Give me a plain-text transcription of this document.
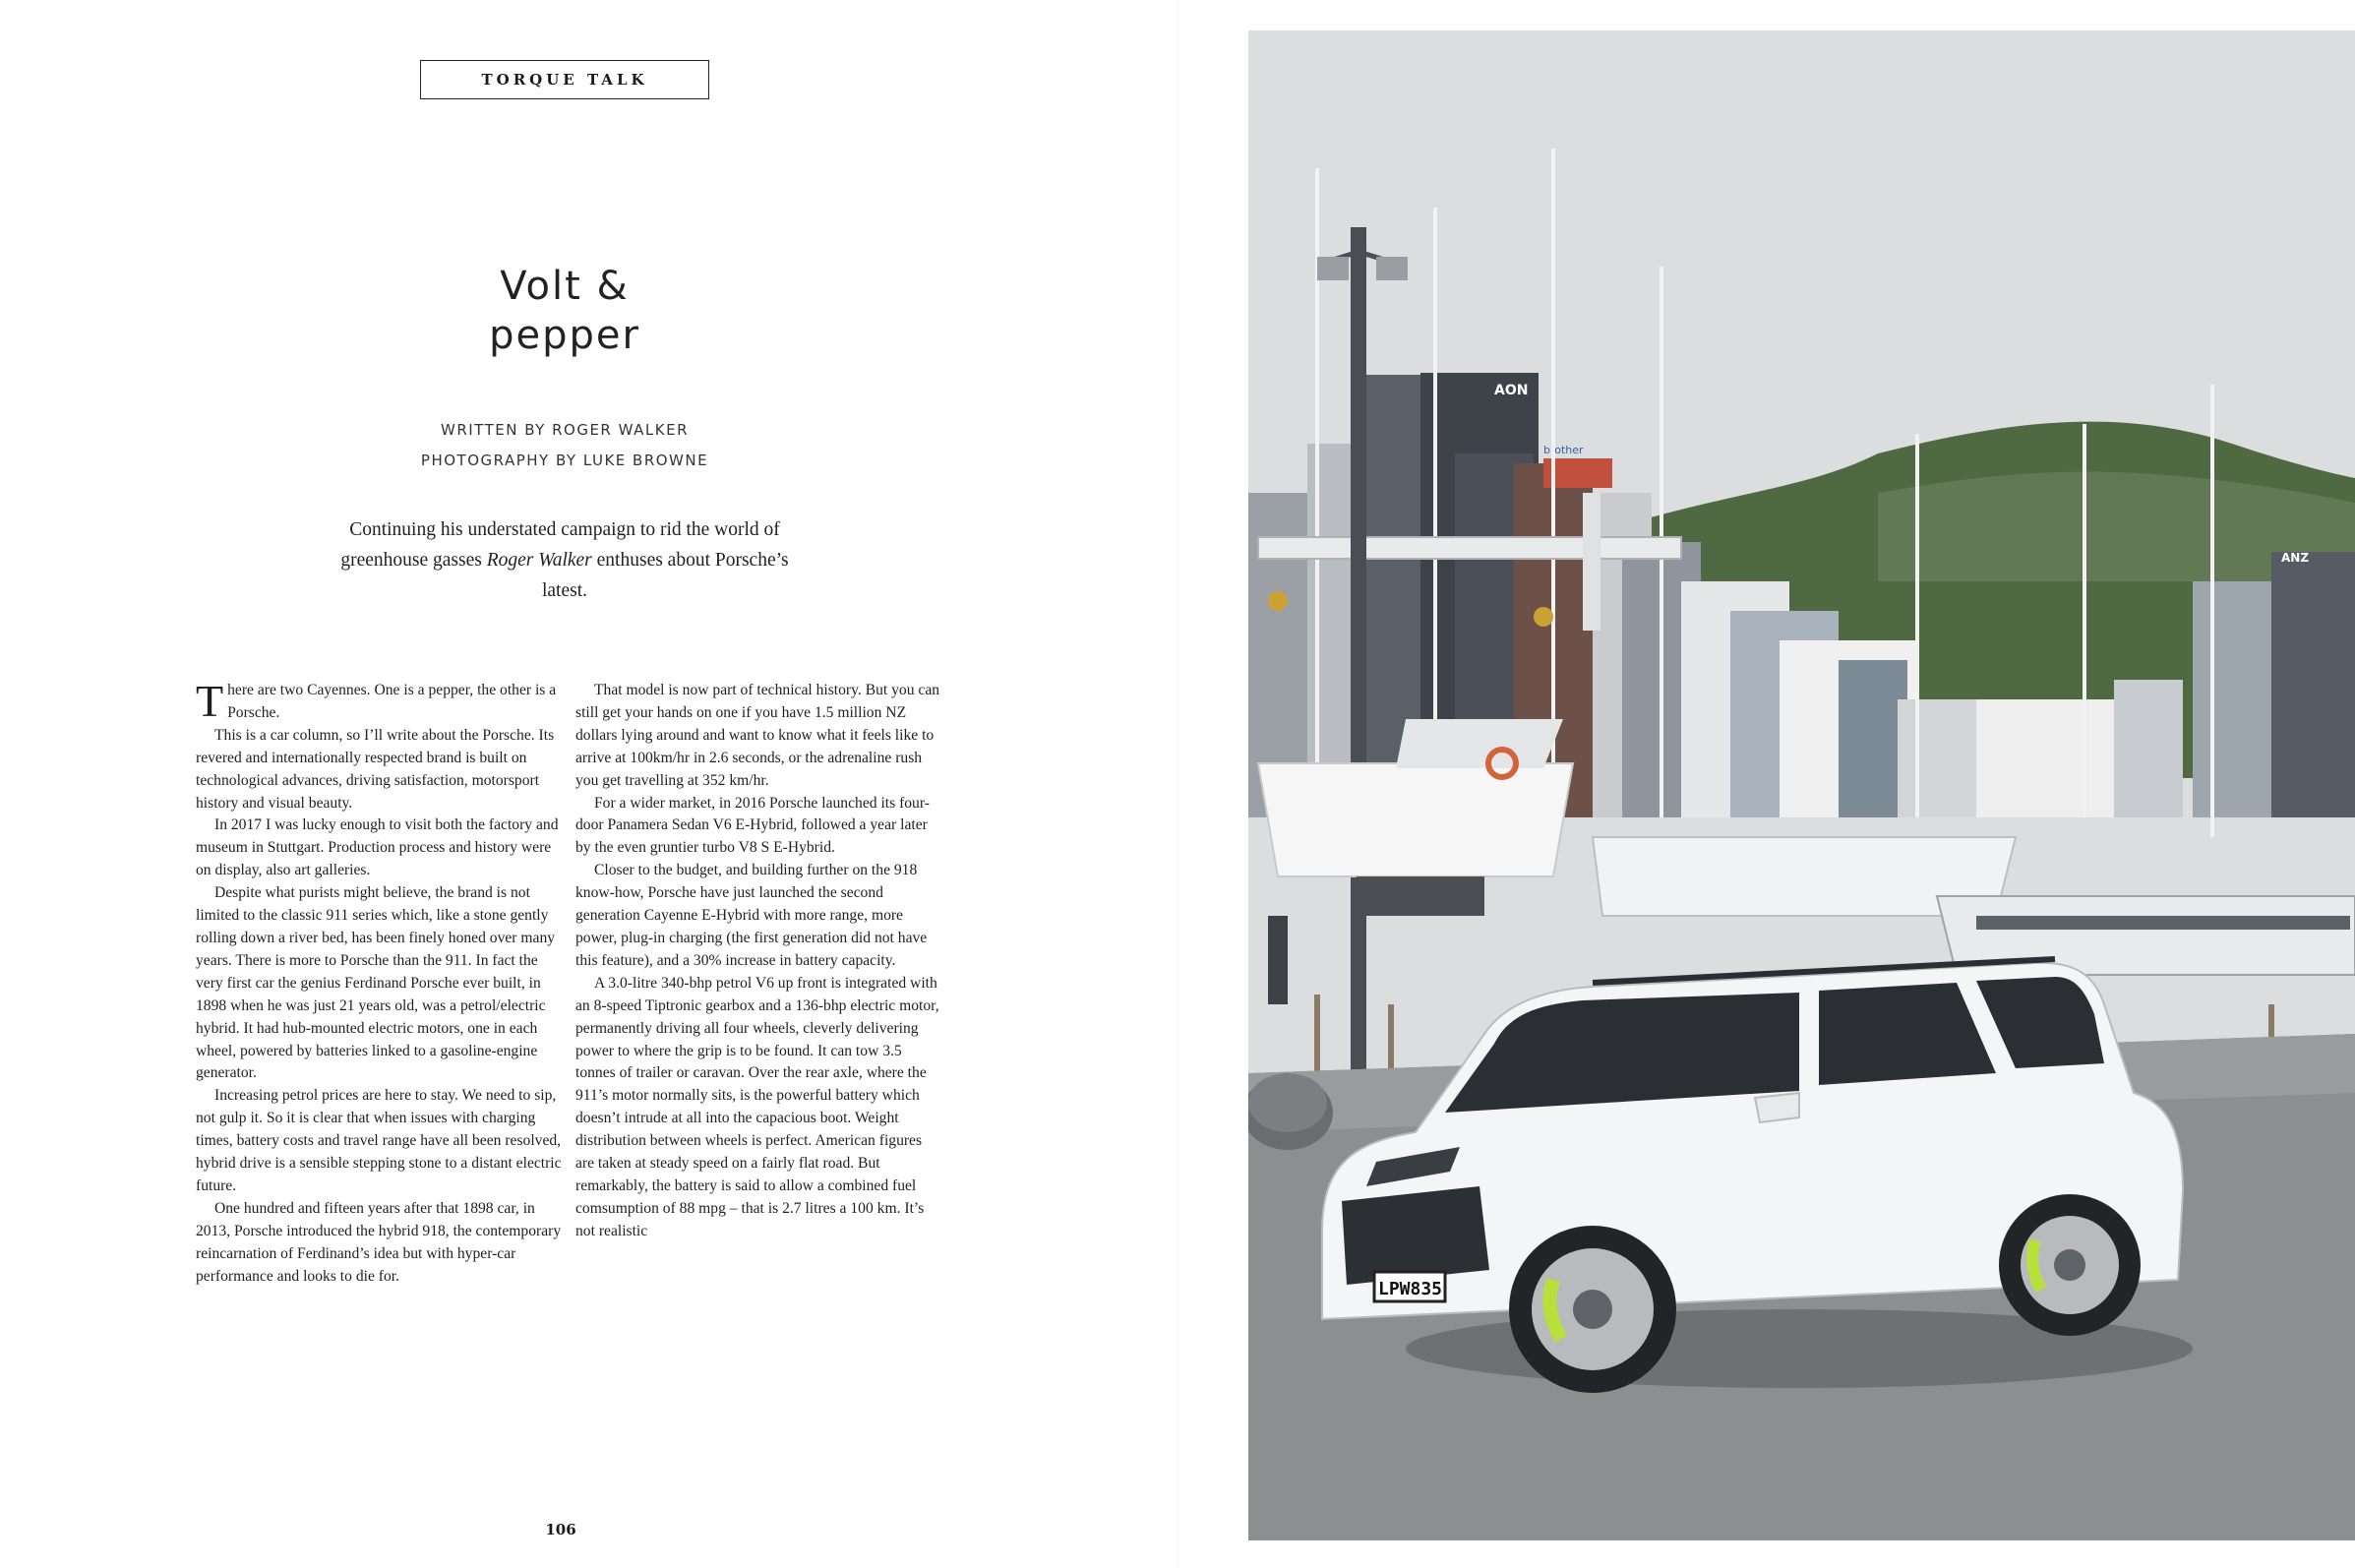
TORQUE TALK
Volt &
pepper
WRITTEN BY ROGER WALKER
PHOTOGRAPHY BY LUKE BROWNE
Continuing his understated campaign to rid the world of greenhouse gasses Roger Walker enthuses about Porsche’s latest.

There are two Cayennes. One is a pepper, the other is a Porsche.

This is a car column, so I’ll write about the Porsche. Its revered and internationally respected brand is built on technological advances, driving satisfaction, motorsport history and visual beauty.

In 2017 I was lucky enough to visit both the factory and museum in Stuttgart. Production process and history were on display, also art galleries.

Despite what purists might believe, the brand is not limited to the classic 911 series which, like a stone gently rolling down a river bed, has been finely honed over many years. There is more to Porsche than the 911. In fact the very first car the genius Ferdinand Porsche ever built, in 1898 when he was just 21 years old, was a petrol/electric hybrid. It had hub-mounted electric motors, one in each wheel, powered by batteries linked to a gasoline-engine generator.

Increasing petrol prices are here to stay. We need to sip, not gulp it. So it is clear that when issues with charging times, battery costs and travel range have all been resolved, hybrid drive is a sensible stepping stone to a distant electric future.

One hundred and fifteen years after that 1898 car, in 2013, Porsche introduced the hybrid 918, the contemporary reincarnation of Ferdinand’s idea but with hyper-car performance and looks to die for.

That model is now part of technical history. But you can still get your hands on one if you have 1.5 million NZ dollars lying around and want to know what it feels like to arrive at 100km/hr in 2.6 seconds, or the adrenaline rush you get travelling at 352 km/hr.

For a wider market, in 2016 Porsche launched its four-door Panamera Sedan V6 E-Hybrid, followed a year later by the even gruntier turbo V8 S E-Hybrid.

Closer to the budget, and building further on the 918 know-how, Porsche have just launched the second generation Cayenne E-Hybrid with more range, more power, plug-in charging (the first generation did not have this feature), and a 30% increase in battery capacity.

A 3.0-litre 340-bhp petrol V6 up front is integrated with an 8-speed Tiptronic gearbox and a 136-bhp electric motor, permanently driving all four wheels, cleverly delivering power to where the grip is to be found. It can tow 3.5 tonnes of trailer or caravan. Over the rear axle, where the 911’s motor normally sits, is the powerful battery which doesn’t intrude at all into the capacious boot. Weight distribution between wheels is perfect. American figures are taken at steady speed on a fairly flat road. But remarkably, the battery is said to allow a combined fuel comsumption of 88 mpg – that is 2.7 litres a 100 km. It’s not realistic

106
AON
brother
ANZ
LPW835
